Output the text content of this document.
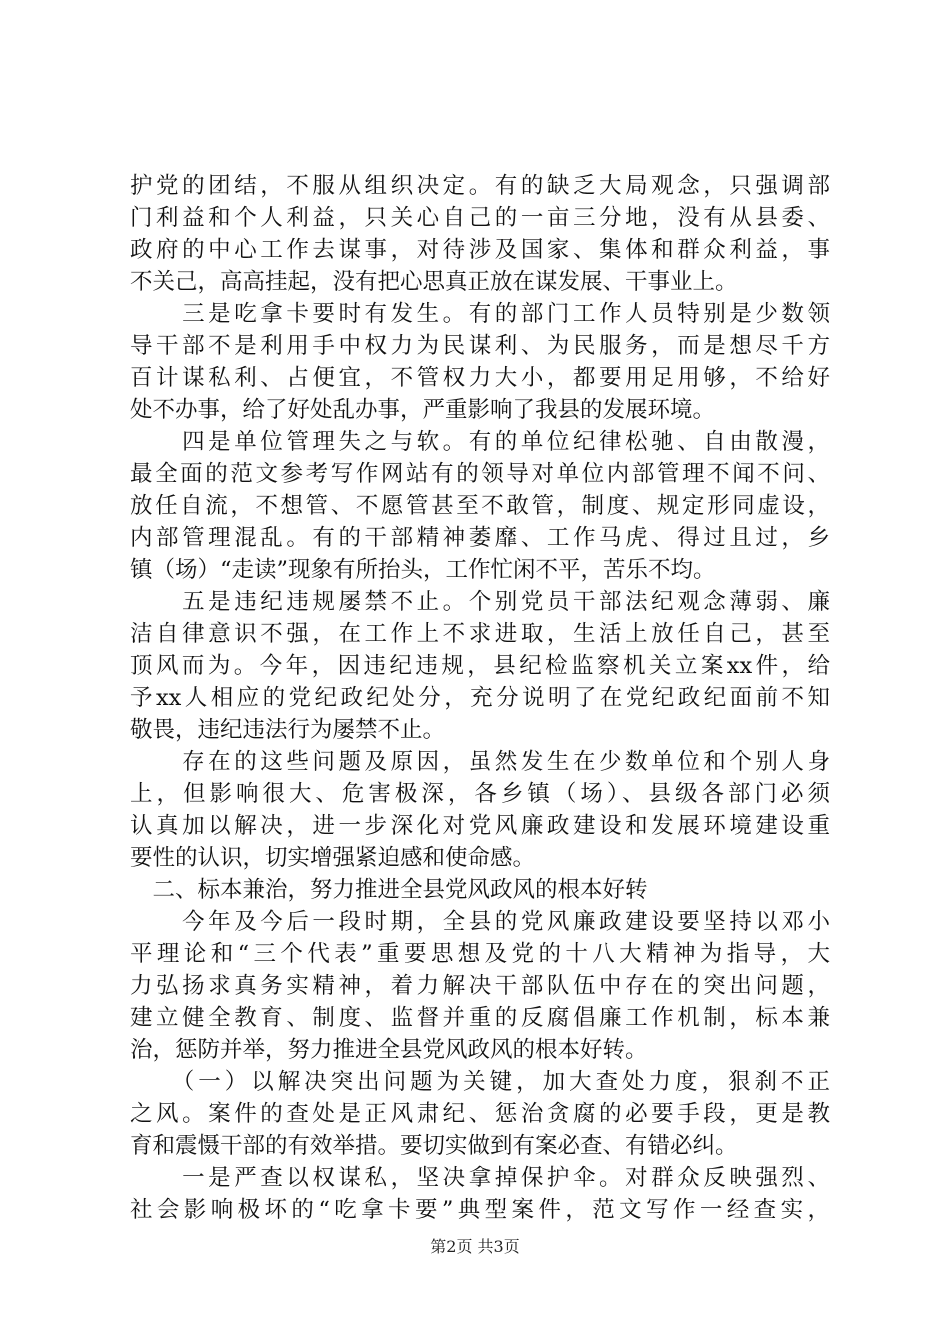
护党的团结，不服从组织决定。有的缺乏大局观念，只强调部
门利益和个人利益，只关心自己的一亩三分地，没有从县委、
政府的中心工作去谋事，对待涉及国家、集体和群众利益，事
不关己，高高挂起，没有把心思真正放在谋发展、干事业上。
　　三是吃拿卡要时有发生。有的部门工作人员特别是少数领
导干部不是利用手中权力为民谋利、为民服务，而是想尽千方
百计谋私利、占便宜，不管权力大小，都要用足用够，不给好
处不办事，给了好处乱办事，严重影响了我县的发展环境。
　　四是单位管理失之与软。有的单位纪律松驰、自由散漫，
最全面的范文参考写作网站有的领导对单位内部管理不闻不问、
放任自流，不想管、不愿管甚至不敢管，制度、规定形同虚设，
内部管理混乱。有的干部精神萎靡、工作马虎、得过且过，乡
镇（场）“走读”现象有所抬头，工作忙闲不平，苦乐不均。
　　五是违纪违规屡禁不止。个别党员干部法纪观念薄弱、廉
洁自律意识不强，在工作上不求进取，生活上放任自己，甚至
顶风而为。今年，因违纪违规，县纪检监察机关立案xx件，给
予xx人相应的党纪政纪处分，充分说明了在党纪政纪面前不知
敬畏，违纪违法行为屡禁不止。
　　存在的这些问题及原因，虽然发生在少数单位和个别人身
上，但影响很大、危害极深，各乡镇（场）、县级各部门必须
认真加以解决，进一步深化对党风廉政建设和发展环境建设重
要性的认识，切实增强紧迫感和使命感。
　二、标本兼治，努力推进全县党风政风的根本好转
　　今年及今后一段时期，全县的党风廉政建设要坚持以邓小
平理论和“三个代表”重要思想及党的十八大精神为指导，大
力弘扬求真务实精神，着力解决干部队伍中存在的突出问题，
建立健全教育、制度、监督并重的反腐倡廉工作机制，标本兼
治，惩防并举，努力推进全县党风政风的根本好转。
　　（一）以解决突出问题为关键，加大查处力度，狠刹不正
之风。案件的查处是正风肃纪、惩治贪腐的必要手段，更是教
育和震慑干部的有效举措。要切实做到有案必查、有错必纠。
　　一是严查以权谋私，坚决拿掉保护伞。对群众反映强烈、
社会影响极坏的“吃拿卡要”典型案件，范文写作一经查实，
第2页 共3页
